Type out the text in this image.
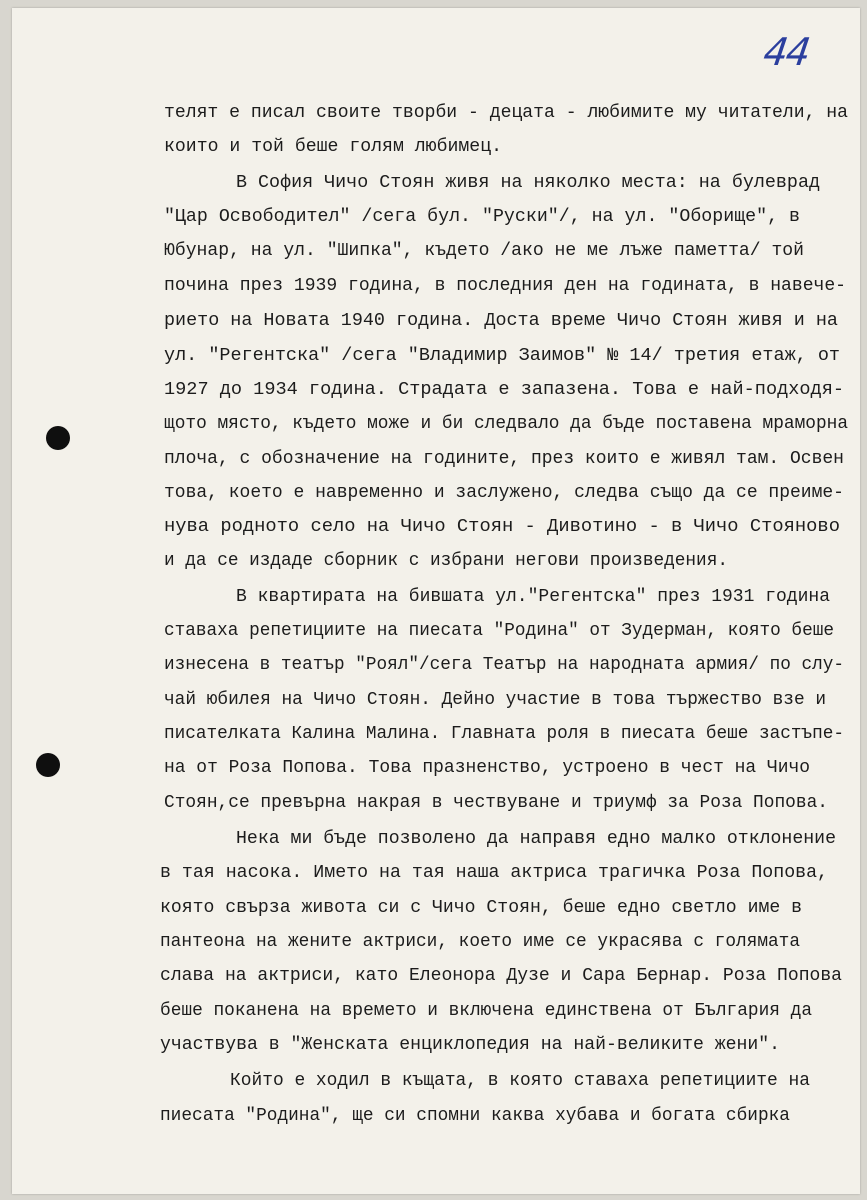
44
телят е писал своите творби - децата - любимите му читатели, на
които и той беше голям любимец.
В София Чичо Стоян живя на няколко места: на булеврад
"Цар Освободител" /сега бул. "Руски"/, на ул. "Оборище", в
Юбунар, на ул. "Шипка", където /ако не ме лъже паметта/ той
почина през 1939 година, в последния ден на годината, в навече-
рието на Новата 1940 година. Доста време Чичо Стоян живя и на
ул. "Регентска" /сега "Владимир Заимов" № 14/ третия етаж, от
1927 до 1934 година. Страдата е запазена. Това е най-подходя-
щото място, където може и би следвало да бъде поставена мраморна
плоча, с обозначение на годините, през които е живял там. Освен
това, което е навременно и заслужено, следва също да се преиме-
нува родното село на Чичо Стоян - Дивотино - в Чичо Стояново
и да се издаде сборник с избрани негови произведения.
В квартирата на бившата ул."Регентска" през 1931 година
ставаха репетициите на пиесата "Родина" от Зудерман, която беше
изнесена в театър "Роял"/сега Театър на народната армия/ по слу-
чай юбилея на Чичо Стоян. Дейно участие в това тържество взе и
писателката Калина Малина. Главната роля в пиесата беше застъпе-
на от Роза Попова. Това празненство, устроено в чест на Чичо
Стоян,се превърна накрая в чествуване и триумф за Роза Попова.
Нека ми бъде позволено да направя едно малко отклонение
в тая насока. Името на тая наша актриса трагичка Роза Попова,
която свърза живота си с Чичо Стоян, беше едно светло име в
пантеона на жените актриси, което име се украсява с голямата
слава на актриси, като Елеонора Дузе и Сара Бернар. Роза Попова
беше поканена на времето и включена единствена от България да
участвува в "Женската енциклопедия на най-великите жени".
Който е ходил в къщата, в която ставаха репетициите на
пиесата "Родина", ще си спомни каква хубава и богата сбирка
